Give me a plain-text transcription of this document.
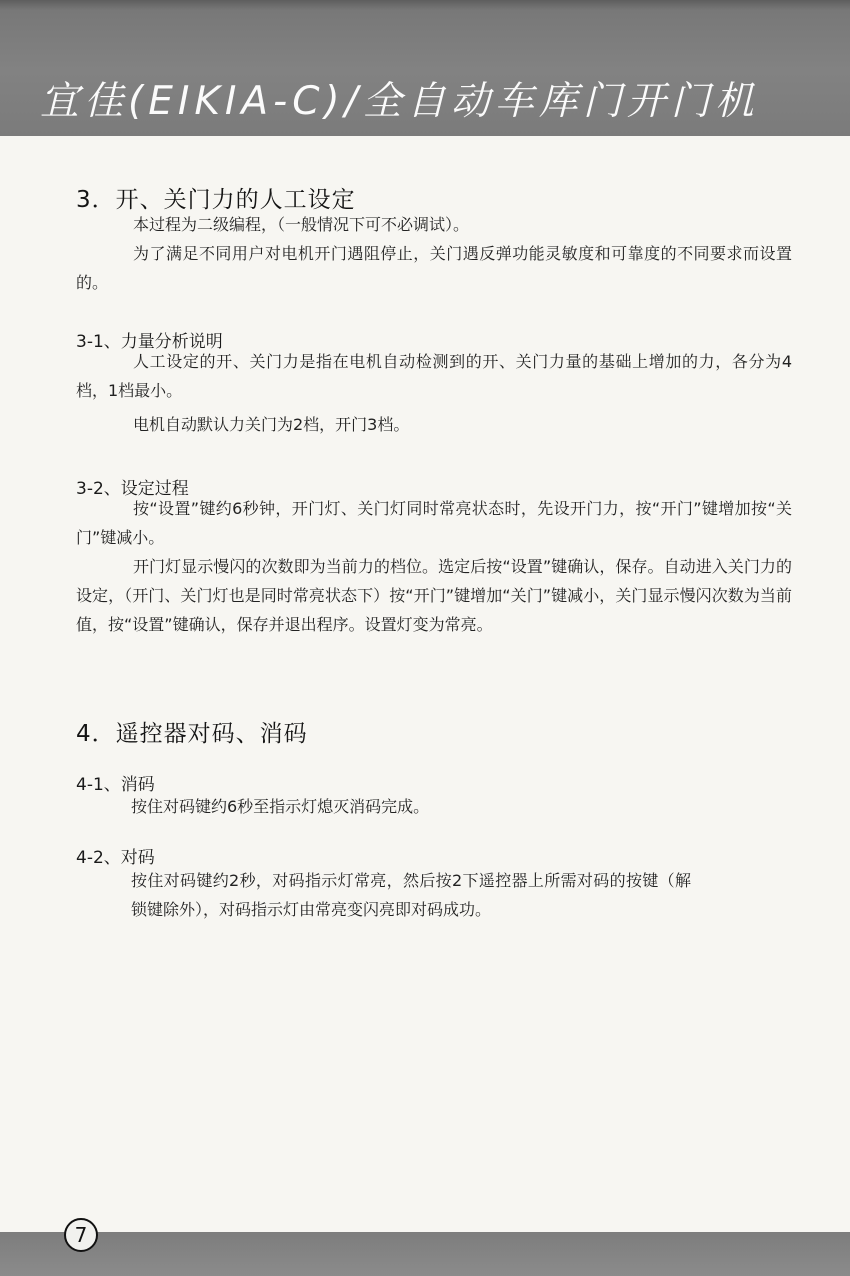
宜佳(EIKIA-C)/全自动车库门开门机
3．开、关门力的人工设定
本过程为二级编程，（一般情况下可不必调试）。
为了满足不同用户对电机开门遇阻停止，关门遇反弹功能灵敏度和可靠度的不同要求而设置的。
3-1、力量分析说明
人工设定的开、关门力是指在电机自动检测到的开、关门力量的基础上增加的力，各分为4档，1档最小。
电机自动默认力关门为2档，开门3档。
3-2、设定过程
按“设置”键约6秒钟，开门灯、关门灯同时常亮状态时，先设开门力，按“开门”键增加按“关门”键减小。
开门灯显示慢闪的次数即为当前力的档位。选定后按“设置”键确认，保存。自动进入关门力的设定，（开门、关门灯也是同时常亮状态下）按“开门”键增加“关门”键减小，关门显示慢闪次数为当前值，按“设置”键确认，保存并退出程序。设置灯变为常亮。
4．遥控器对码、消码
4-1、消码
按住对码键约6秒至指示灯熄灭消码完成。
4-2、对码
按住对码键约2秒，对码指示灯常亮，然后按2下遥控器上所需对码的按键（解锁键除外），对码指示灯由常亮变闪亮即对码成功。
7
